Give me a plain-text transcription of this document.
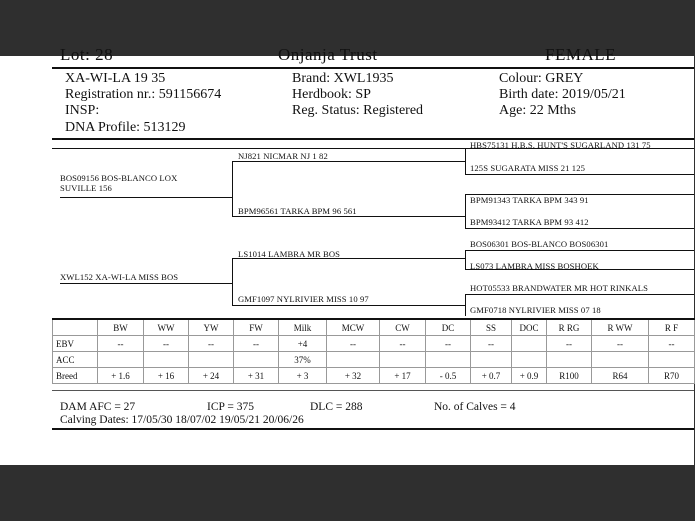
Lot: 28	Onjanja Trust	FEMALE
XA-WI-LA 19 35
Registration nr.: 591156674
INSP:
DNA Profile: 513129
Brand: XWL1935
Herdbook: SP
Reg. Status: Registered
Colour: GREY
Birth date: 2019/05/21
Age: 22 Mths
BOS09156 BOS-BLANCO LOX
SUVILLE 156
NJ821 NICMAR NJ 1 82
BPM96561 TARKA BPM 96 561
XWL152 XA-WI-LA MISS BOS
LS1014 LAMBRA MR BOS
GMF1097 NYLRIVIER MISS 10 97
HBS75131 H.B.S. HUNT'S SUGARLAND 131 75
125S SUGARATA MISS 21 125
BPM91343 TARKA BPM 343 91
BPM93412 TARKA BPM 93 412
BOS06301 BOS-BLANCO BOS06301
LS073 LAMBRA MISS BOSHOEK
HOT05533 BRANDWATER MR HOT RINKALS
GMF0718 NYLRIVIER MISS 07 18
	BW	WW	YW	FW	Milk	MCW	CW	DC	SS	DOC	R RG	R WW	R F
EBV	--	--	--	--	+4	--	--	--	--		--	--	--
ACC					37%								
Breed	+ 1.6	+ 16	+ 24	+ 31	+ 3	+ 32	+ 17	- 0.5	+ 0.7	+ 0.9	R100	R64	R70
DAM AFC = 27	ICP = 375	DLC = 288	No. of Calves = 4
Calving Dates: 17/05/30 18/07/02 19/05/21 20/06/26
